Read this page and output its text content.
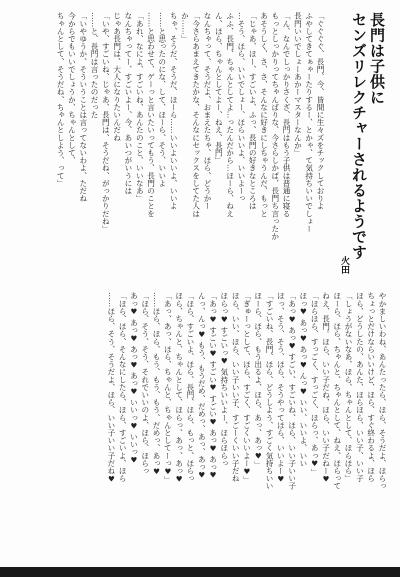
長門は子供に
センズリレクチャーされるようです
火田
「ぐぐぐぐ、長門、今、皆間に生々ズをチックしておりよ
ふやしてきてぁゃーたりするー、とかゃ、て気持ちいいでしょー
長門いいでしょーあかーマスターなんか」
「ん、なんでしっかりさくざ、長門はもう子供は普通に寝る
もっとしっかりってちゃんばりな、今さらしかば、長門ち言ったか
あそうしく、さ、さ、そんなに好きにしちゃうんだ、もっと
「じゃあ、ほー、すごいよ、ふっ、長門の好きなところは
…そう、ほら、いいでしょー、ほらいいよ、いいよーっ
ふふ、長門、ちゃんとしてよ…ったんだから…ほーら、ねえ
ん、ほら、ちゃんとしてよー、ねえ、長門」
なんちゃって、そうだよ、おまえたちゃ、ほら、どうかー
「今さらあまえてきたかな、そんなにセックスをしてた人は
か……」
ちゃ、そうだ、そうだ、ほーら……いいよいいよ、いいよ
……と思ったのにな、して、ほーら、そう、いいよ
……と思わせて、ゲーっと言いたいってもう、長門のことを
「あれ、なによ、すごいね、あんたのこと、いいなあ」
なんちゃってー、すごいよー、今、あいつがいうには
じゃあ長門は、大人になりたいんだね
「いや、すごいね、じゃあ、長門は、そうだね、がっかりだね」
……と、長門は言ったのだった
「いやゆうか、そういうことは言ってないわよ、ただね
今からでもいいでしょうか、ちゃんとして、
ちゃんとして、そうだね、ちゃんとしよう、って」
やかましいわね、あんたったら、ほら、そうだよ、ほらっ
ちょっとだけならいいけど、ほら、すぐ終わるよ、ほら
ほら、どうしたの、あんた、ほらほら、いい子、いい子
「しょうがないなあ、ほら、ちゃんとして、ほらほら」
ほーら、ほら、ちゃんと、ちゃんとして、ねえ、ほらって
ねえ、長門。ほら、いい子だね、ほら、いい子だねー♥
「ほらほら、すっごく、すっごく、ほらっ、あっ♥」
ほっ♥ あっ♥ あっ♥ んっ♥ いい、いいよ、いい
「あっ♥ あっ♥ すごい、すごいね、ほら、いい子いい子
ほっ、そう、そう、ほら、そうやってほら、いいよー♥
「すごいね、長門、ほら、どうしよう、すごく気持ちいい
ほーら、ほら、もう出るよ、ほら、あっ、あっ♥」
「ぎゅーっとして、ほら、すごく、すごくいいよー♥」
ほら、いい、ほら、いい子いい子、すごーくいい子だね
ほらっ♥ すごいっ♥ 気持ちいいよー、ほらほらっ
「あっ♥ すごい♥ すごい♥ すごい♥ あっ♥ あっ♥
んっ、んっ♥ もう、もうだめ、だめっ、あっ、あっ♥
「ほら、すごいよ、ほら、長門、ほら、もっと、ほらっ
ほら、ちゃんと、ちゃんとして、ほらっ、あっ、あっ♥
「あっ、あっ、ほら、ちゃんと、ちゃんとしてーっ♥」
……ほら、ほら、もう、もう、もう、だめっ、あっ♥
「ほら、そう、そう、それでいいのよ、ほら、ほらっ
あっ♥ あっ♥ あっ♥ あっ♥ いいっ♥ いいっ♥
「ほら、ほら、そんなにしたら、ほら、すごいよ、ほら
……ほら、そう、そうだよ、ほら、いい子いい子だね♥
